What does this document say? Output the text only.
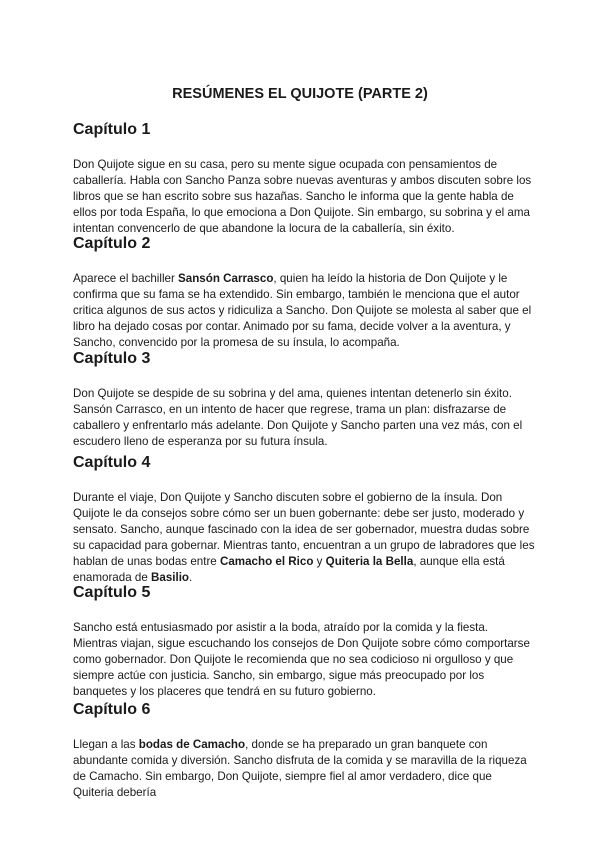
RESÚMENES EL QUIJOTE (PARTE 2)
Capítulo 1

Don Quijote sigue en su casa, pero su mente sigue ocupada con pensamientos de caballería. Habla con Sancho Panza sobre nuevas aventuras y ambos discuten sobre los libros que se han escrito sobre sus hazañas. Sancho le informa que la gente habla de ellos por toda España, lo que emociona a Don Quijote. Sin embargo, su sobrina y el ama intentan convencerlo de que abandone la locura de la caballería, sin éxito.

Capítulo 2

Aparece el bachiller Sansón Carrasco, quien ha leído la historia de Don Quijote y le confirma que su fama se ha extendido. Sin embargo, también le menciona que el autor critica algunos de sus actos y ridiculiza a Sancho. Don Quijote se molesta al saber que el libro ha dejado cosas por contar. Animado por su fama, decide volver a la aventura, y Sancho, convencido por la promesa de su ínsula, lo acompaña.

Capítulo 3

Don Quijote se despide de su sobrina y del ama, quienes intentan detenerlo sin éxito. Sansón Carrasco, en un intento de hacer que regrese, trama un plan: disfrazarse de caballero y enfrentarlo más adelante. Don Quijote y Sancho parten una vez más, con el escudero lleno de esperanza por su futura ínsula.

Capítulo 4

Durante el viaje, Don Quijote y Sancho discuten sobre el gobierno de la ínsula. Don Quijote le da consejos sobre cómo ser un buen gobernante: debe ser justo, moderado y sensato. Sancho, aunque fascinado con la idea de ser gobernador, muestra dudas sobre su capacidad para gobernar. Mientras tanto, encuentran a un grupo de labradores que les hablan de unas bodas entre Camacho el Rico y Quiteria la Bella, aunque ella está enamorada de Basilio.

Capítulo 5

Sancho está entusiasmado por asistir a la boda, atraído por la comida y la fiesta. Mientras viajan, sigue escuchando los consejos de Don Quijote sobre cómo comportarse como gobernador. Don Quijote le recomienda que no sea codicioso ni orgulloso y que siempre actúe con justicia. Sancho, sin embargo, sigue más preocupado por los banquetes y los placeres que tendrá en su futuro gobierno.

Capítulo 6

Llegan a las bodas de Camacho, donde se ha preparado un gran banquete con abundante comida y diversión. Sancho disfruta de la comida y se maravilla de la riqueza de Camacho. Sin embargo, Don Quijote, siempre fiel al amor verdadero, dice que Quiteria debería
